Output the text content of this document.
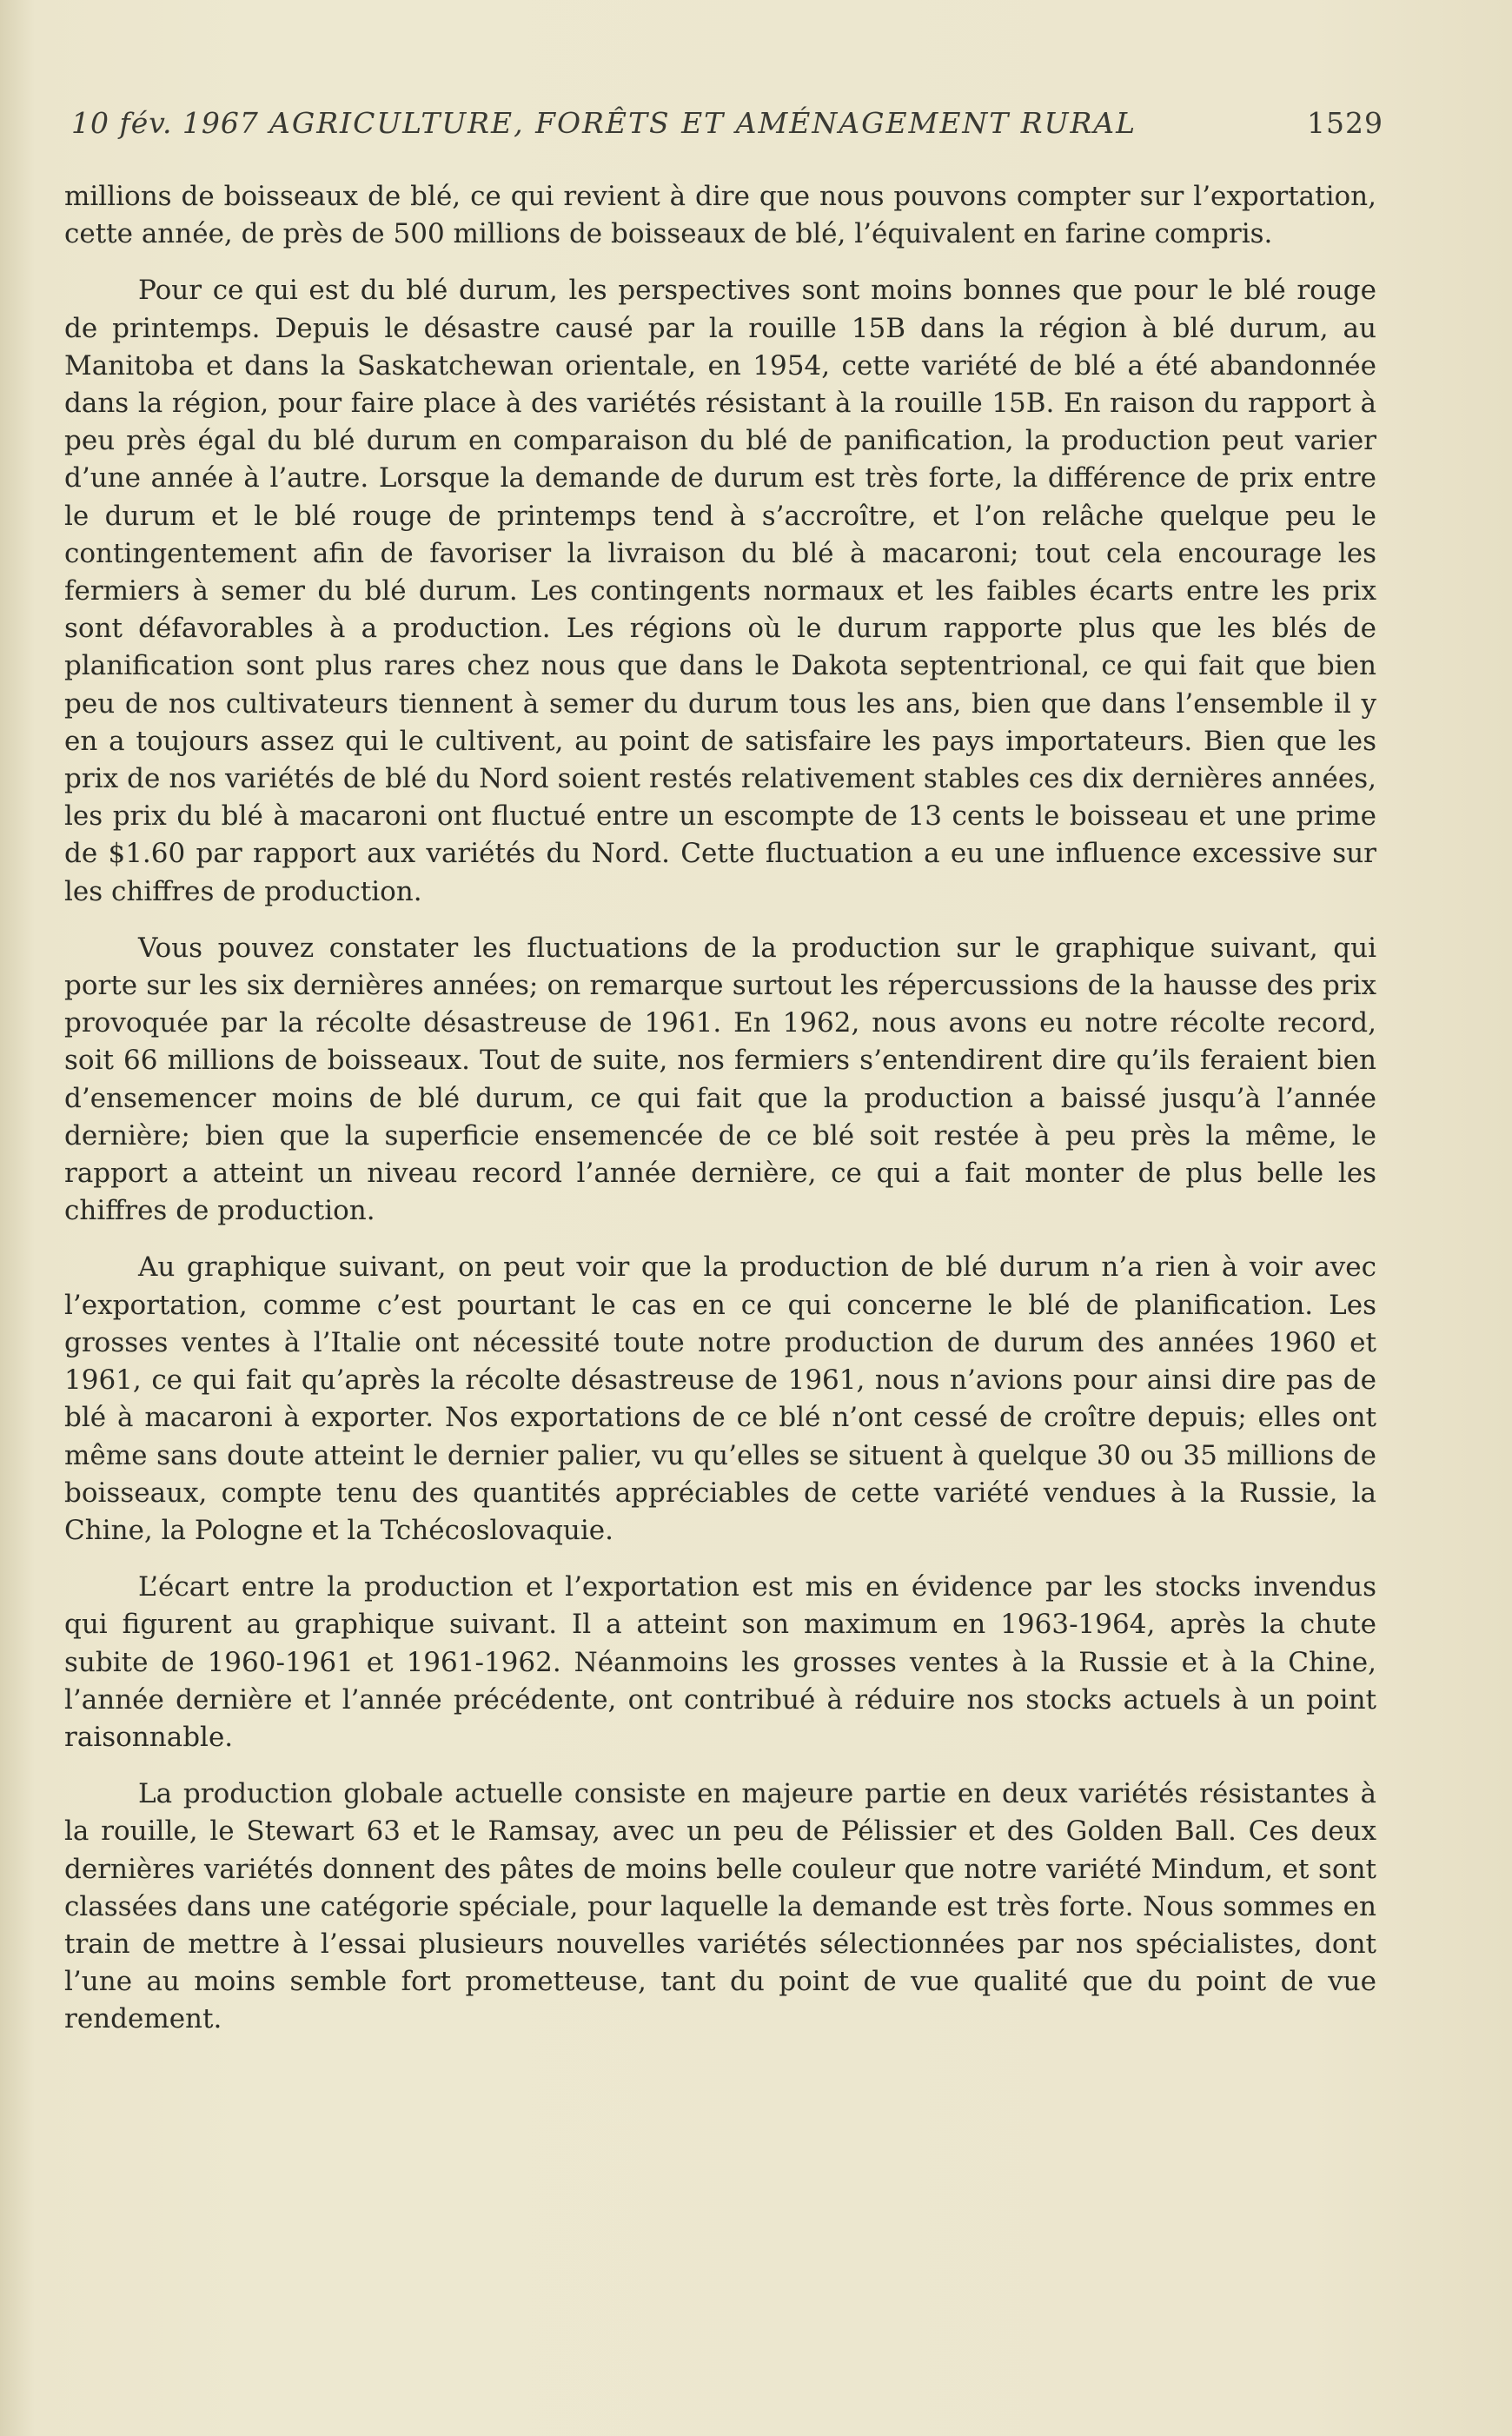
10 fév. 1967 AGRICULTURE, FORÊTS ET AMÉNAGEMENT RURAL	1529

millions de boisseaux de blé, ce qui revient à dire que nous pouvons compter sur l’exportation, cette année, de près de 500 millions de boisseaux de blé, l’équivalent en farine compris.

Pour ce qui est du blé durum, les perspectives sont moins bonnes que pour le blé rouge de printemps. Depuis le désastre causé par la rouille 15B dans la région à blé durum, au Manitoba et dans la Saskatchewan orientale, en 1954, cette variété de blé a été abandonnée dans la région, pour faire place à des variétés résistant à la rouille 15B. En raison du rapport à peu près égal du blé durum en comparaison du blé de panification, la production peut varier d’une année à l’autre. Lorsque la demande de durum est très forte, la différence de prix entre le durum et le blé rouge de printemps tend à s’accroître, et l’on relâche quelque peu le contingentement afin de favoriser la livraison du blé à macaroni; tout cela encourage les fermiers à semer du blé durum. Les contingents normaux et les faibles écarts entre les prix sont défavorables à a production. Les régions où le durum rapporte plus que les blés de planification sont plus rares chez nous que dans le Dakota septentrional, ce qui fait que bien peu de nos cultivateurs tiennent à semer du durum tous les ans, bien que dans l’ensemble il y en a toujours assez qui le cultivent, au point de satisfaire les pays importateurs. Bien que les prix de nos variétés de blé du Nord soient restés relativement stables ces dix dernières années, les prix du blé à macaroni ont fluctué entre un escompte de 13 cents le boisseau et une prime de $1.60 par rapport aux variétés du Nord. Cette fluctuation a eu une influence excessive sur les chiffres de production.

Vous pouvez constater les fluctuations de la production sur le graphique suivant, qui porte sur les six dernières années; on remarque surtout les répercussions de la hausse des prix provoquée par la récolte désastreuse de 1961. En 1962, nous avons eu notre récolte record, soit 66 millions de boisseaux. Tout de suite, nos fermiers s’entendirent dire qu’ils feraient bien d’ensemencer moins de blé durum, ce qui fait que la production a baissé jusqu’à l’année dernière; bien que la superficie ensemencée de ce blé soit restée à peu près la même, le rapport a atteint un niveau record l’année dernière, ce qui a fait monter de plus belle les chiffres de production.

Au graphique suivant, on peut voir que la production de blé durum n’a rien à voir avec l’exportation, comme c’est pourtant le cas en ce qui concerne le blé de planification. Les grosses ventes à l’Italie ont nécessité toute notre production de durum des années 1960 et 1961, ce qui fait qu’après la récolte désastreuse de 1961, nous n’avions pour ainsi dire pas de blé à macaroni à exporter. Nos exportations de ce blé n’ont cessé de croître depuis; elles ont même sans doute atteint le dernier palier, vu qu’elles se situent à quelque 30 ou 35 millions de boisseaux, compte tenu des quantités appréciables de cette variété vendues à la Russie, la Chine, la Pologne et la Tchécoslovaquie.

L’écart entre la production et l’exportation est mis en évidence par les stocks invendus qui figurent au graphique suivant. Il a atteint son maximum en 1963-1964, après la chute subite de 1960-1961 et 1961-1962. Néanmoins les grosses ventes à la Russie et à la Chine, l’année dernière et l’année précédente, ont contribué à réduire nos stocks actuels à un point raisonnable.

La production globale actuelle consiste en majeure partie en deux variétés résistantes à la rouille, le Stewart 63 et le Ramsay, avec un peu de Pélissier et des Golden Ball. Ces deux dernières variétés donnent des pâtes de moins belle couleur que notre variété Mindum, et sont classées dans une catégorie spéciale, pour laquelle la demande est très forte. Nous sommes en train de mettre à l’essai plusieurs nouvelles variétés sélectionnées par nos spécialistes, dont l’une au moins semble fort prometteuse, tant du point de vue qualité que du point de vue rendement.
